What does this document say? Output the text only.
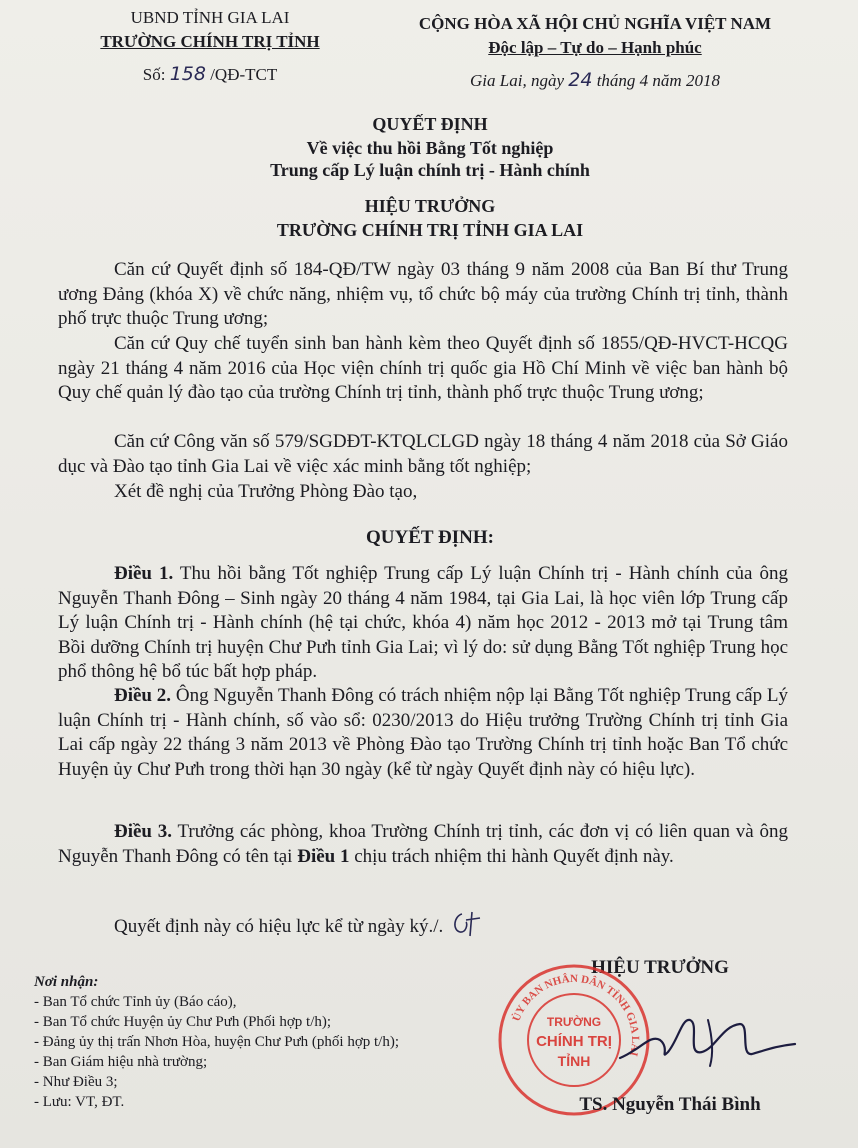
UBND TỈNH GIA LAI
TRƯỜNG CHÍNH TRỊ TỈNH
Số: 158 /QĐ-TCT
CỘNG HÒA XÃ HỘI CHỦ NGHĨA VIỆT NAM
Độc lập – Tự do – Hạnh phúc
Gia Lai, ngày 24 tháng 4 năm 2018
QUYẾT ĐỊNH
Về việc thu hồi Bằng Tốt nghiệp
Trung cấp Lý luận chính trị - Hành chính
HIỆU TRƯỞNG
TRƯỜNG CHÍNH TRỊ TỈNH GIA LAI
Căn cứ Quyết định số 184-QĐ/TW ngày 03 tháng 9 năm 2008 của Ban Bí thư Trung ương Đảng (khóa X) về chức năng, nhiệm vụ, tổ chức bộ máy của trường Chính trị tỉnh, thành phố trực thuộc Trung ương;
Căn cứ Quy chế tuyển sinh ban hành kèm theo Quyết định số 1855/QĐ-HVCT-HCQG ngày 21 tháng 4 năm 2016 của Học viện chính trị quốc gia Hồ Chí Minh về việc ban hành bộ Quy chế quản lý đào tạo của trường Chính trị tỉnh, thành phố trực thuộc Trung ương;
Căn cứ Công văn số 579/SGDĐT-KTQLCLGD ngày 18 tháng 4 năm 2018 của Sở Giáo dục và Đào tạo tỉnh Gia Lai về việc xác minh bằng tốt nghiệp;
Xét đề nghị của Trưởng Phòng Đào tạo,
QUYẾT ĐỊNH:
Điều 1. Thu hồi bằng Tốt nghiệp Trung cấp Lý luận Chính trị - Hành chính của ông Nguyễn Thanh Đông – Sinh ngày 20 tháng 4 năm 1984, tại Gia Lai, là học viên lớp Trung cấp Lý luận Chính trị - Hành chính (hệ tại chức, khóa 4) năm học 2012 - 2013 mở tại Trung tâm Bồi dưỡng Chính trị huyện Chư Pưh tỉnh Gia Lai; vì lý do: sử dụng Bằng Tốt nghiệp Trung học phổ thông hệ bổ túc bất hợp pháp.
Điều 2. Ông Nguyễn Thanh Đông có trách nhiệm nộp lại Bằng Tốt nghiệp Trung cấp Lý luận Chính trị - Hành chính, số vào sổ: 0230/2013 do Hiệu trưởng Trường Chính trị tỉnh Gia Lai cấp ngày 22 tháng 3 năm 2013 về Phòng Đào tạo Trường Chính trị tỉnh hoặc Ban Tổ chức Huyện ủy Chư Pưh trong thời hạn 30 ngày (kể từ ngày Quyết định này có hiệu lực).
Điều 3. Trưởng các phòng, khoa Trường Chính trị tỉnh, các đơn vị có liên quan và ông Nguyễn Thanh Đông có tên tại Điều 1 chịu trách nhiệm thi hành Quyết định này.
Quyết định này có hiệu lực kể từ ngày ký./.
Nơi nhận:
- Ban Tổ chức Tỉnh ủy (Báo cáo),
- Ban Tổ chức Huyện ủy Chư Pưh (Phối hợp t/h);
- Đảng ủy thị trấn Nhơn Hòa, huyện Chư Pưh (phối hợp t/h);
- Ban Giám hiệu nhà trường;
- Như Điều 3;
- Lưu: VT, ĐT.
HIỆU TRƯỞNG
ỦY BAN NHÂN DÂN TỈNH GIA LAI
TRƯỜNG
CHÍNH TRỊ
TỈNH
TS. Nguyễn Thái Bình
